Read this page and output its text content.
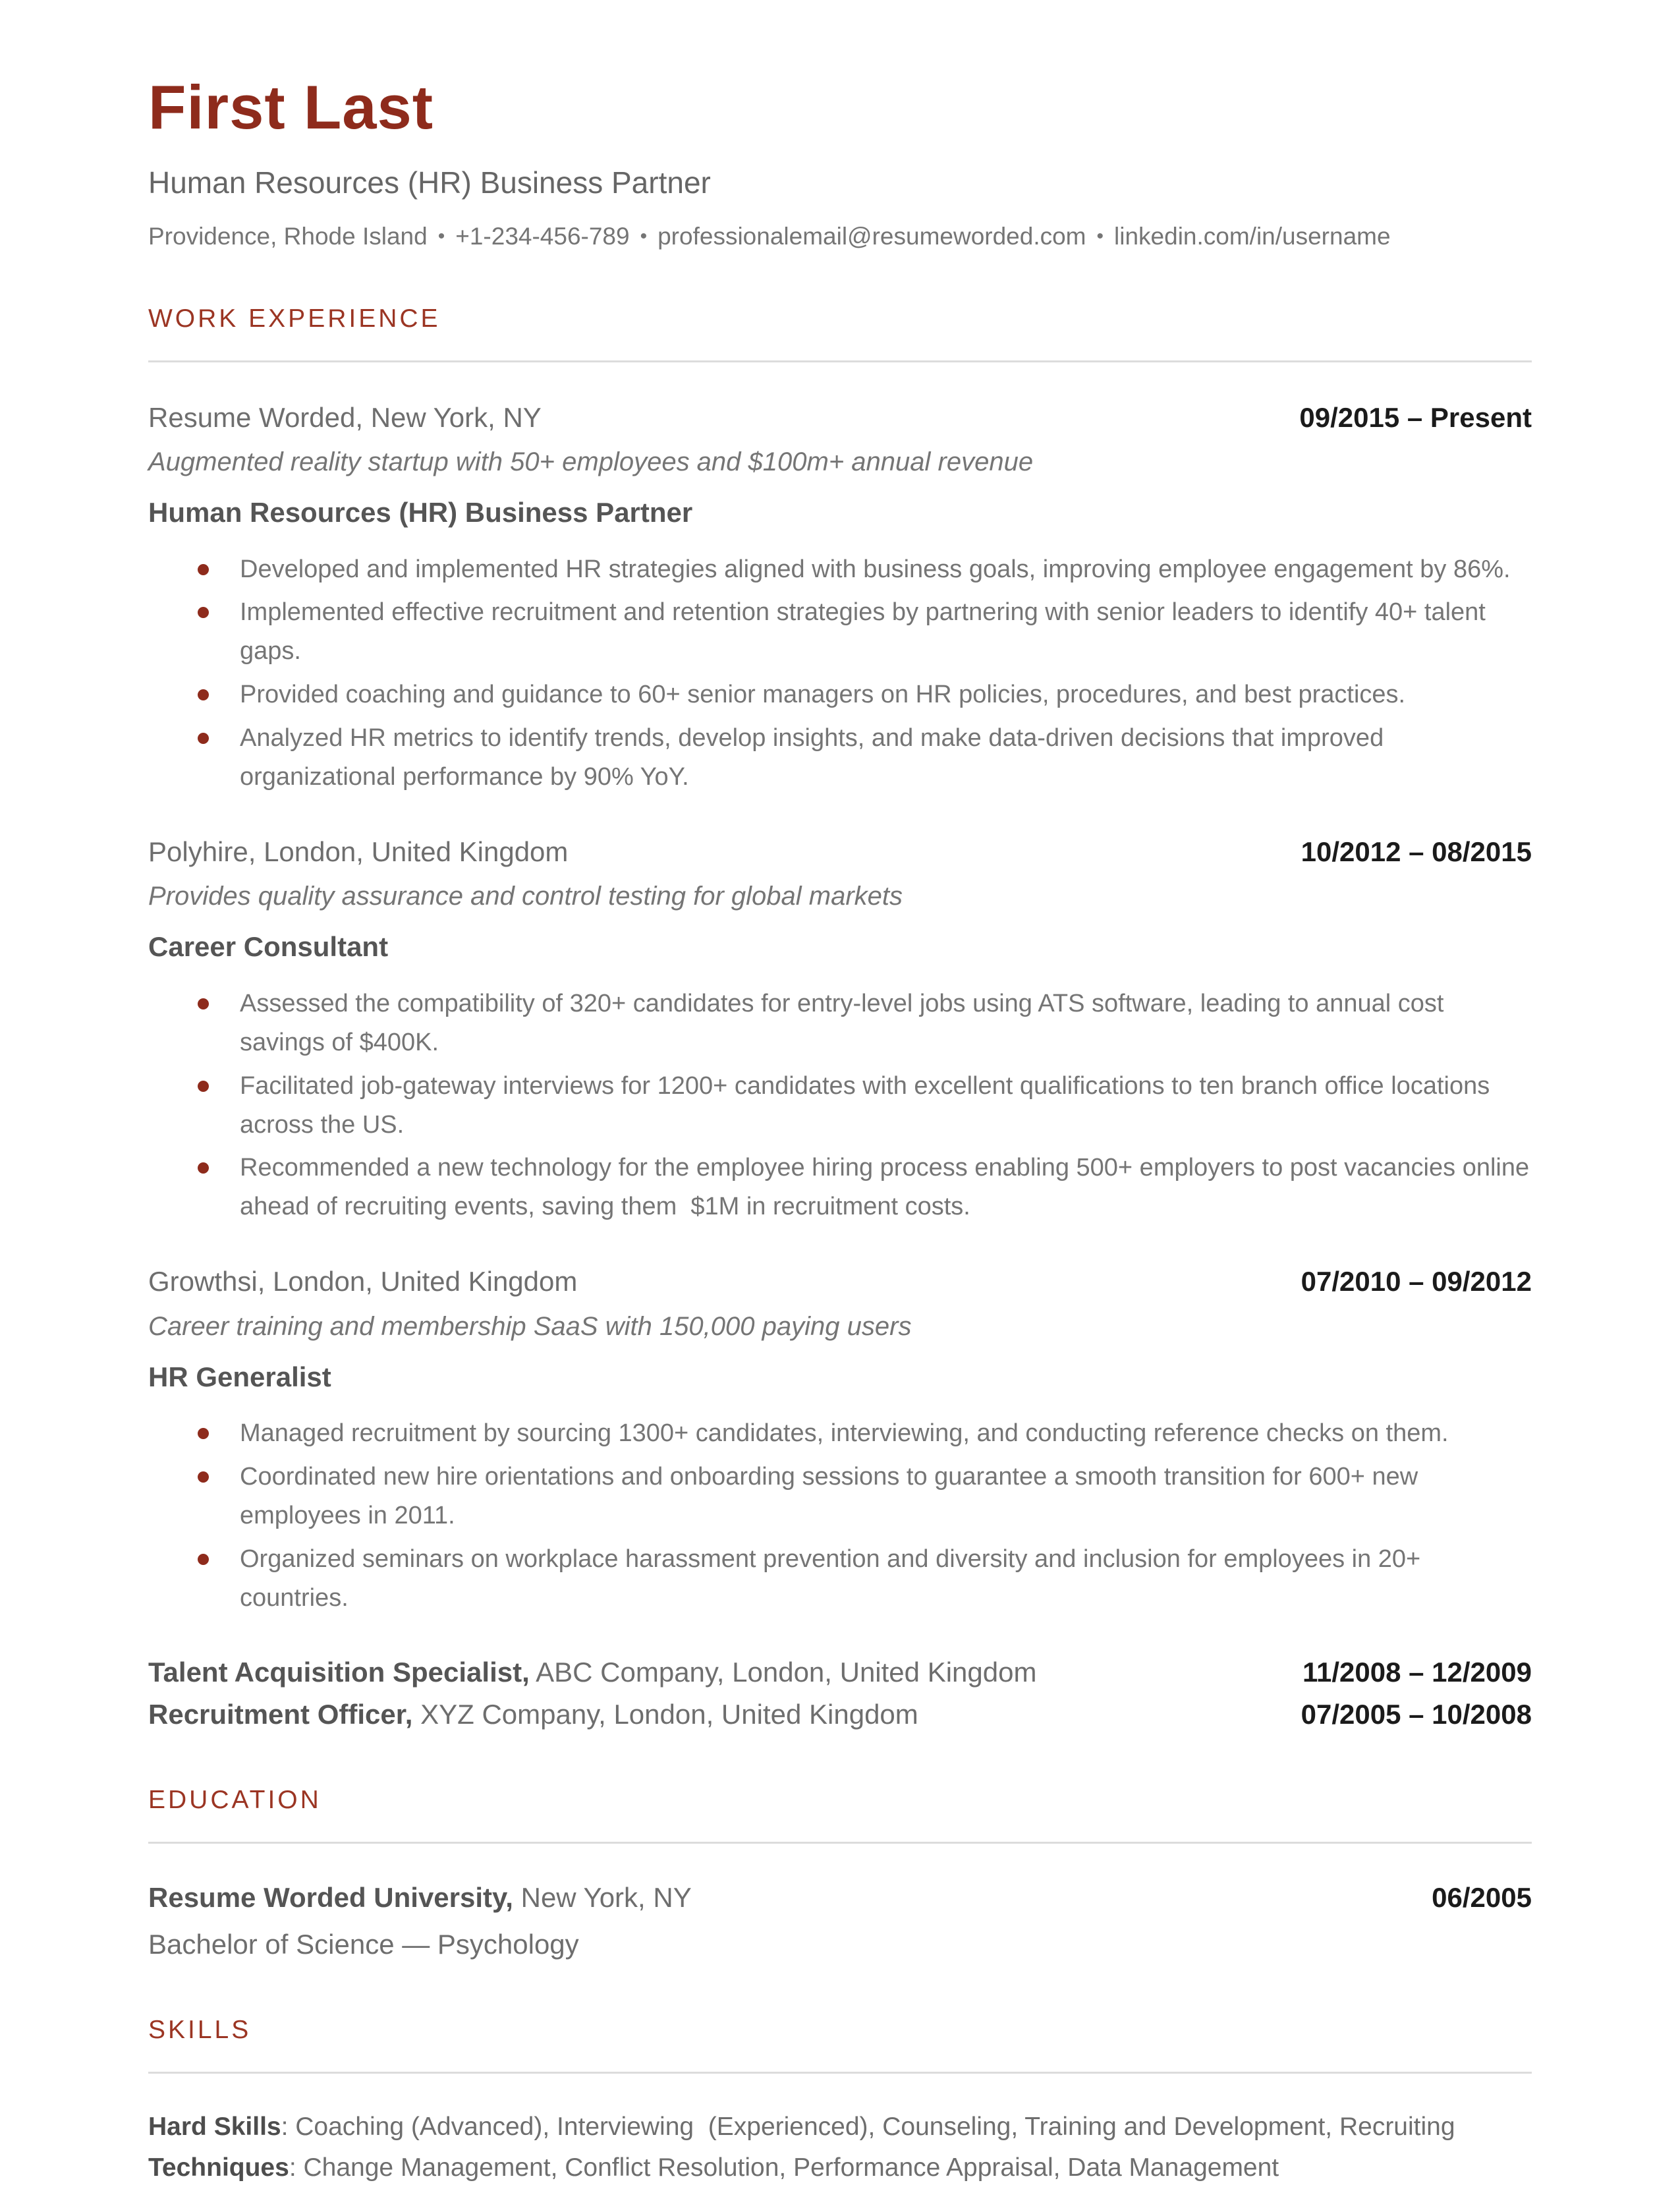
First Last
Human Resources (HR) Business Partner
Providence, Rhode Island • +1-234-456-789 • professionalemail@resumeworded.com • linkedin.com/in/username
WORK EXPERIENCE
Resume Worded, New York, NY	09/2015 – Present
Augmented reality startup with 50+ employees and $100m+ annual revenue
Human Resources (HR) Business Partner
Developed and implemented HR strategies aligned with business goals, improving employee engagement by 86%.
Implemented effective recruitment and retention strategies by partnering with senior leaders to identify 40+ talent gaps.
Provided coaching and guidance to 60+ senior managers on HR policies, procedures, and best practices.
Analyzed HR metrics to identify trends, develop insights, and make data-driven decisions that improved organizational performance by 90% YoY.
Polyhire, London, United Kingdom	10/2012 – 08/2015
Provides quality assurance and control testing for global markets
Career Consultant
Assessed the compatibility of 320+ candidates for entry-level jobs using ATS software, leading to annual cost savings of $400K.
Facilitated job-gateway interviews for 1200+ candidates with excellent qualifications to ten branch office locations across the US.
Recommended a new technology for the employee hiring process enabling 500+ employers to post vacancies online ahead of recruiting events, saving them  $1M in recruitment costs.
Growthsi, London, United Kingdom	07/2010 – 09/2012
Career training and membership SaaS with 150,000 paying users
HR Generalist
Managed recruitment by sourcing 1300+ candidates, interviewing, and conducting reference checks on them.
Coordinated new hire orientations and onboarding sessions to guarantee a smooth transition for 600+ new employees in 2011.
Organized seminars on workplace harassment prevention and diversity and inclusion for employees in 20+ countries.
Talent Acquisition Specialist, ABC Company, London, United Kingdom	11/2008 – 12/2009
Recruitment Officer, XYZ Company, London, United Kingdom	07/2005 – 10/2008
EDUCATION
Resume Worded University, New York, NY	06/2005
Bachelor of Science — Psychology
SKILLS
Hard Skills: Coaching (Advanced), Interviewing  (Experienced), Counseling, Training and Development, Recruiting
Techniques: Change Management, Conflict Resolution, Performance Appraisal, Data Management
